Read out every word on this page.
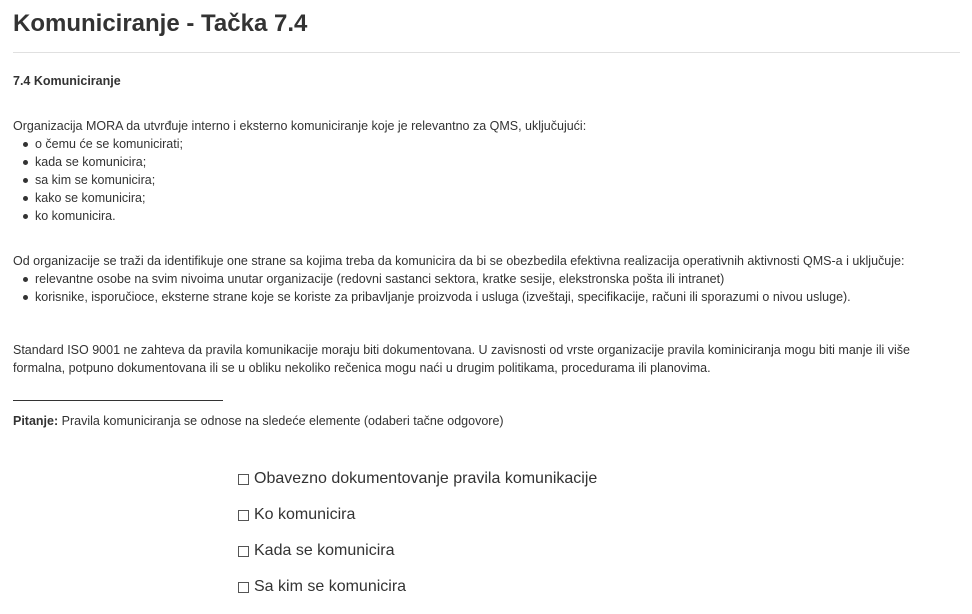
Komuniciranje - Tačka 7.4
7.4 Komuniciranje
Organizacija MORA da utvrđuje interno i eksterno komuniciranje koje je relevantno za QMS, uključujući:
o čemu će se komunicirati;
kada se komunicira;
sa kim se komunicira;
kako se komunicira;
ko komunicira.
Od organizacije se traži da identifikuje one strane sa kojima treba da komunicira da bi se obezbedila efektivna realizacija operativnih aktivnosti QMS-a i uključuje:
relevantne osobe na svim nivoima unutar organizacije (redovni sastanci sektora, kratke sesije, elekstronska pošta ili intranet)
korisnike, isporučioce, eksterne strane koje se koriste za pribavljanje proizvoda i usluga (izveštaji, specifikacije, računi ili sporazumi o nivou usluge).
Standard ISO 9001 ne zahteva da pravila komunikacije moraju biti dokumentovana. U zavisnosti od vrste organizacije pravila kominiciranja mogu biti manje ili više formalna, potpuno dokumentovana ili se u obliku nekoliko rečenica mogu naći u drugim politikama, procedurama ili planovima.
Pitanje: Pravila komuniciranja se odnose na sledeće elemente (odaberi tačne odgovore)
Obavezno dokumentovanje pravila komunikacije
Ko komunicira
Kada se komunicira
Sa kim se komunicira
